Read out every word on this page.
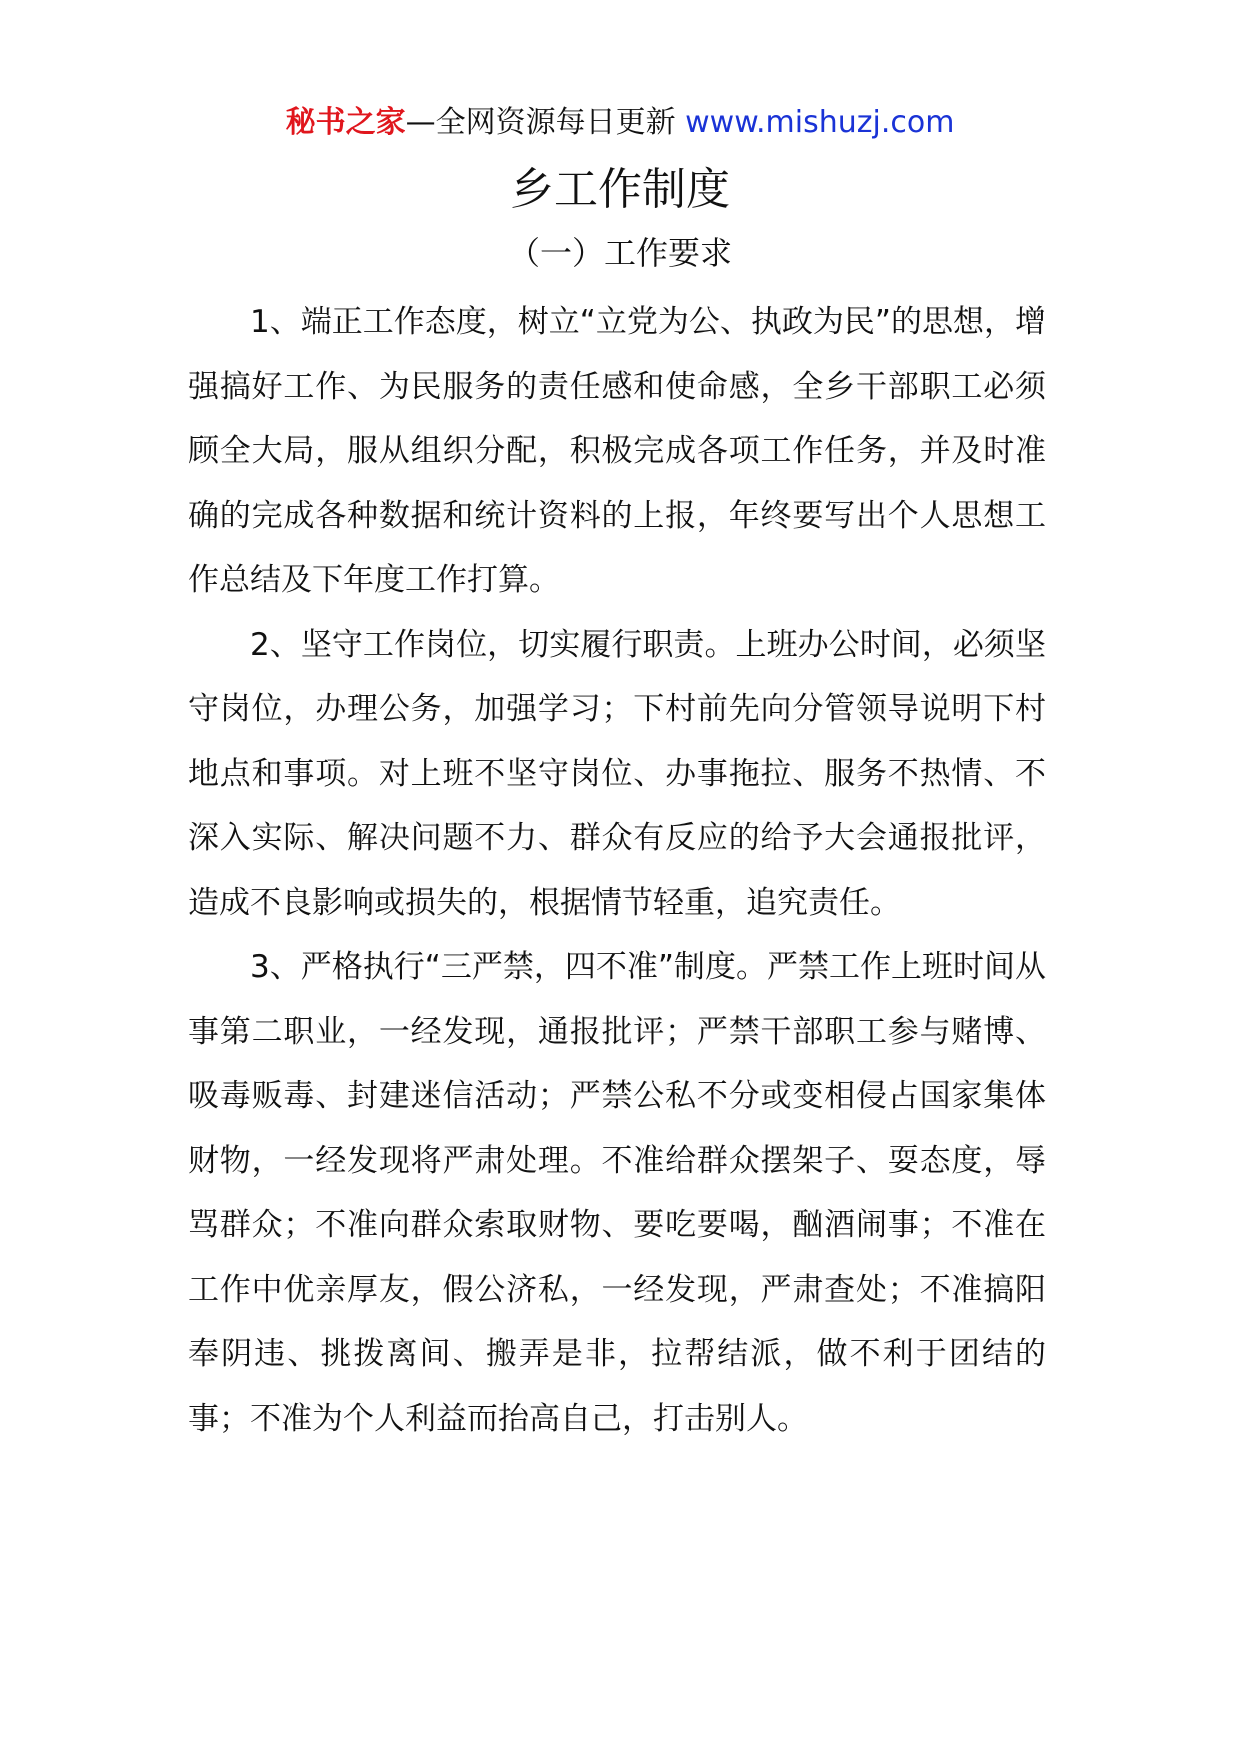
秘书之家—全网资源每日更新 www.mishuzj.com
乡工作制度
（一）工作要求

1、端正工作态度，树立“立党为公、执政为民”的思想，增强搞好工作、为民服务的责任感和使命感，全乡干部职工必须顾全大局，服从组织分配，积极完成各项工作任务，并及时准确的完成各种数据和统计资料的上报，年终要写出个人思想工作总结及下年度工作打算。

2、坚守工作岗位，切实履行职责。上班办公时间，必须坚守岗位，办理公务，加强学习；下村前先向分管领导说明下村地点和事项。对上班不坚守岗位、办事拖拉、服务不热情、不深入实际、解决问题不力、群众有反应的给予大会通报批评，造成不良影响或损失的，根据情节轻重，追究责任。

3、严格执行“三严禁，四不准”制度。严禁工作上班时间从事第二职业，一经发现，通报批评；严禁干部职工参与赌博、吸毒贩毒、封建迷信活动；严禁公私不分或变相侵占国家集体财物，一经发现将严肃处理。不准给群众摆架子、耍态度，辱骂群众；不准向群众索取财物、要吃要喝，酗酒闹事；不准在工作中优亲厚友，假公济私，一经发现，严肃查处；不准搞阳奉阴违、挑拨离间、搬弄是非，拉帮结派，做不利于团结的事；不准为个人利益而抬高自己，打击别人。
